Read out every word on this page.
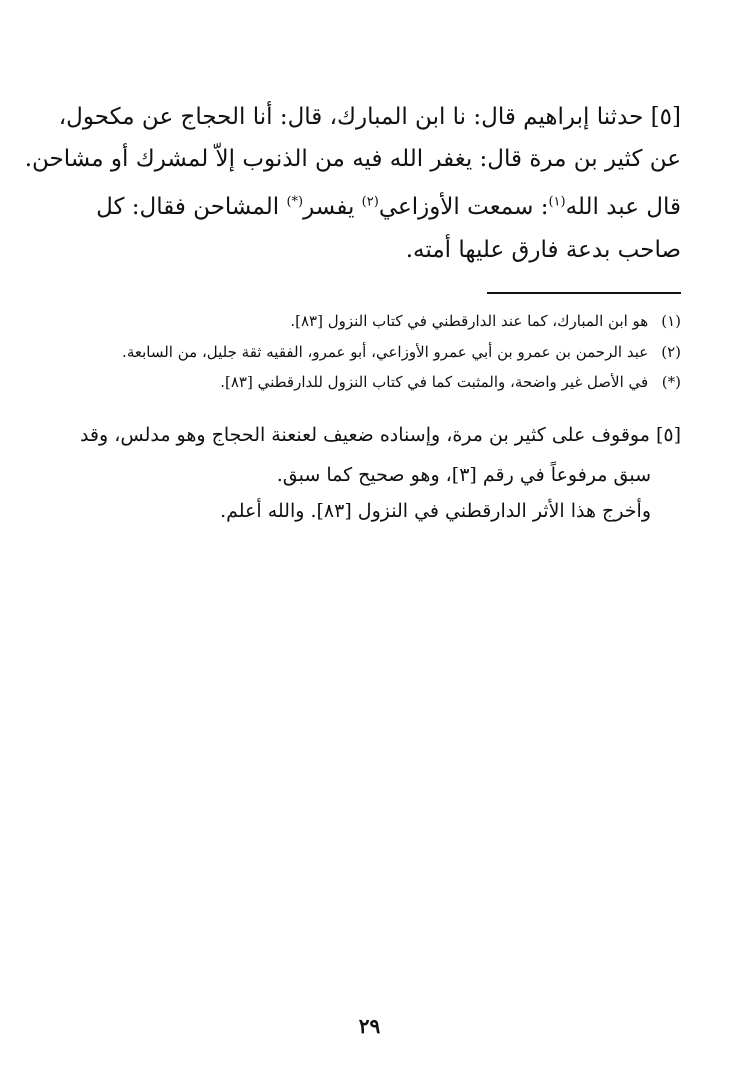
[٥] حدثنا إبراهيم قال: نا ابن المبارك، قال: أنا الحجاج عن مكحول،
عن كثير بن مرة قال: يغفر الله فيه من الذنوب إلاّ لمشرك أو مشاحن.
قال عبد الله$^{(١)}$: سمعت الأوزاعي$^{(٢)}$ يفسر(*) المشاحن فقال: كل
صاحب بدعة فارق عليها أمته.
(١) هو ابن المبارك، كما عند الدارقطني في كتاب النزول [٨٣].
(٢) عبد الرحمن بن عمرو بن أبي عمرو الأوزاعي، أبو عمرو، الفقيه ثقة جليل، من السابعة.
(*) في الأصل غير واضحة، والمثبت كما في كتاب النزول للدارقطني [٨٣].
[٥] موقوف على كثير بن مرة، وإسناده ضعيف لعنعنة الحجاج وهو مدلس، وقد
سبق مرفوعاً في رقم [٣]، وهو صحيح كما سبق.
وأخرج هذا الأثر الدارقطني في النزول [٨٣]. والله أعلم.
٢٩
